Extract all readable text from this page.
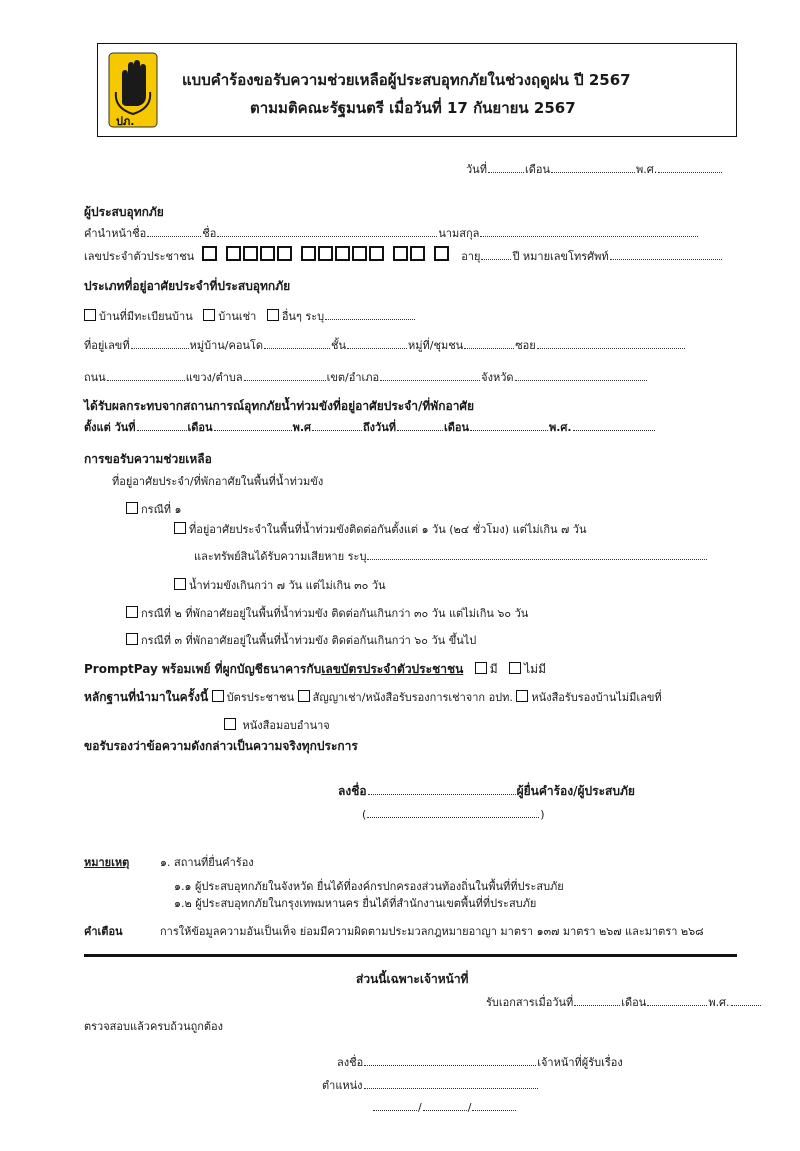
ปภ.
แบบคำร้องขอรับความช่วยเหลือผู้ประสบอุทกภัยในช่วงฤดูฝน ปี 2567
ตามมติคณะรัฐมนตรี เมื่อวันที่ 17 กันยายน 2567
วันที่	เดือน	พ.ศ.
ผู้ประสบอุทกภัย
คำนำหน้าชื่อ	ชื่อ	นามสกุล
เลขประจำตัวประชาชน	อายุ	ปี หมายเลขโทรศัพท์
ประเภทที่อยู่อาศัยประจำที่ประสบอุทกภัย
บ้านที่มีทะเบียนบ้าน บ้านเช่า อื่นๆ ระบุ
ที่อยู่เลขที่	หมู่บ้าน/คอนโด	ชั้น	หมู่ที่/ชุมชน	ซอย
ถนน	แขวง/ตำบล	เขต/อำเภอ	จังหวัด
ได้รับผลกระทบจากสถานการณ์อุทกภัยน้ำท่วมขังที่อยู่อาศัยประจำ/ที่พักอาศัย
ตั้งแต่ วันที่	เดือน	พ.ศ	ถึงวันที่	เดือน	พ.ศ.
การขอรับความช่วยเหลือ
ที่อยู่อาศัยประจำ/ที่พักอาศัยในพื้นที่น้ำท่วมขัง
กรณีที่ ๑
ที่อยู่อาศัยประจำในพื้นที่น้ำท่วมขังติดต่อกันตั้งแต่ ๑ วัน (๒๔ ชั่วโมง) แต่ไม่เกิน ๗ วัน
และทรัพย์สินได้รับความเสียหาย ระบุ
น้ำท่วมขังเกินกว่า ๗ วัน แต่ไม่เกิน ๓๐ วัน
กรณีที่ ๒ ที่พักอาศัยอยู่ในพื้นที่น้ำท่วมขัง ติดต่อกันเกินกว่า ๓๐ วัน แต่ไม่เกิน ๖๐ วัน
กรณีที่ ๓ ที่พักอาศัยอยู่ในพื้นที่น้ำท่วมขัง ติดต่อกันเกินกว่า ๖๐ วัน ขึ้นไป
PromptPay พร้อมเพย์ ที่ผูกบัญชีธนาคารกับเลขบัตรประจำตัวประชาชน มี ไม่มี
หลักฐานที่นำมาในครั้งนี้ บัตรประชาชน สัญญาเช่า/หนังสือรับรองการเช่าจาก อปท. หนังสือรับรองบ้านไม่มีเลขที่
หนังสือมอบอำนาจ
ขอรับรองว่าข้อความดังกล่าวเป็นความจริงทุกประการ
ลงชื่อ	ผู้ยื่นคำร้อง/ผู้ประสบภัย
(	)
หมายเหตุ	๑. สถานที่ยื่นคำร้อง
๑.๑ ผู้ประสบอุทกภัยในจังหวัด ยื่นได้ที่องค์กรปกครองส่วนท้องถิ่นในพื้นที่ที่ประสบภัย
๑.๒ ผู้ประสบอุทกภัยในกรุงเทพมหานคร ยื่นได้ที่สำนักงานเขตพื้นที่ที่ประสบภัย
คำเตือน	การให้ข้อมูลความอันเป็นเท็จ ย่อมมีความผิดตามประมวลกฎหมายอาญา มาตรา ๑๓๗ มาตรา ๒๖๗ และมาตรา ๒๖๘
ส่วนนี้เฉพาะเจ้าหน้าที่
รับเอกสารเมื่อวันที่	เดือน	พ.ศ.
ตรวจสอบแล้วครบถ้วนถูกต้อง
ลงชื่อ	เจ้าหน้าที่ผู้รับเรื่อง
ตำแหน่ง
/	/
